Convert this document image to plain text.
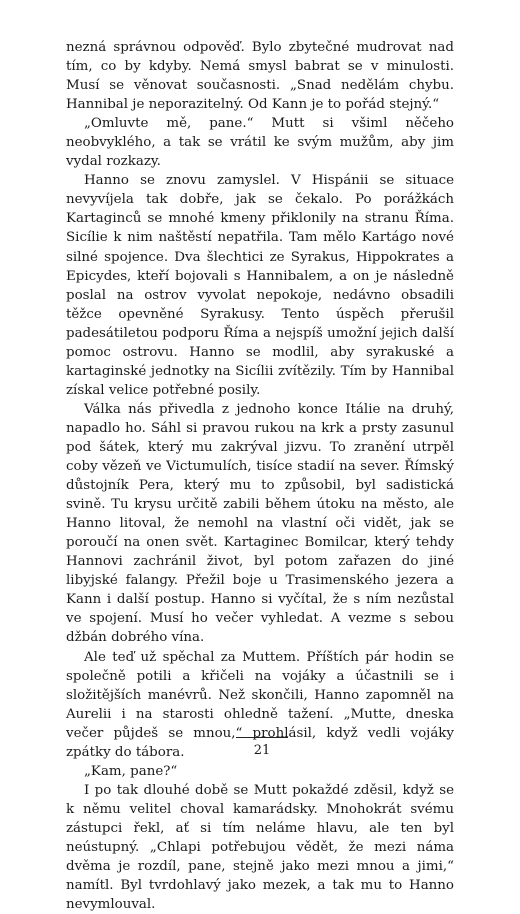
nezná správnou odpověď. Bylo zbytečné mudrovat nad tím, co by kdyby. Nemá smysl babrat se v minulosti. Musí se věnovat současnosti. „Snad nedělám chybu. Hannibal je neporazitelný. Od Kann je to pořád stejný.“

„Omluvte mě, pane.“ Mutt si všiml něčeho neobvyklého, a tak se vrátil ke svým mužům, aby jim vydal rozkazy.

Hanno se znovu zamyslel. V Hispánii se situace nevyvíjela tak dobře, jak se čekalo. Po porážkách Kartaginců se mnohé kmeny přiklonily na stranu Říma. Sicílie k nim naštěstí nepatřila. Tam mělo Kartágo nové silné spojence. Dva šlechtici ze Syrakus, Hippokrates a Epicydes, kteří bojovali s Hannibalem, a on je následně poslal na ostrov vyvolat nepokoje, nedávno obsadili těžce opevněné Syrakusy. Tento úspěch přerušil padesátiletou podporu Říma a nejspíš umožní jejich další pomoc ostrovu. Hanno se modlil, aby syrakuské a kartaginské jednotky na Sicílii zvítězily. Tím by Hannibal získal velice potřebné posily.

Válka nás přivedla z jednoho konce Itálie na druhý, napadlo ho. Sáhl si pravou rukou na krk a prsty zasunul pod šátek, který mu zakrýval jizvu. To zranění utrpěl coby vězeň ve Victumulích, tisíce stadií na sever. Římský důstojník Pera, který mu to způsobil, byl sadistická svině. Tu krysu určitě zabili během útoku na město, ale Hanno litoval, že nemohl na vlastní oči vidět, jak se poroučí na onen svět. Kartaginec Bomilcar, který tehdy Hannovi zachránil život, byl potom zařazen do jiné libyjské falangy. Přežil boje u Trasimenského jezera a Kann i další postup. Hanno si vyčítal, že s ním nezůstal ve spojení. Musí ho večer vyhledat. A vezme s sebou džbán dobrého vína.

Ale teď už spěchal za Muttem. Příštích pár hodin se společně potili a křičeli na vojáky a účastnili se i složitějších manévrů. Než skončili, Hanno zapomněl na Aurelii i na starosti ohledně tažení. „Mutte, dneska večer půjdeš se mnou,“ prohlásil, když vedli vojáky zpátky do tábora.

„Kam, pane?“

I po tak dlouhé době se Mutt pokaždé zděsil, když se k němu velitel choval kamarádsky. Mnohokrát svému zástupci řekl, ať si tím neláme hlavu, ale ten byl neústupný. „Chlapi potřebujou vědět, že mezi náma dvěma je rozdíl, pane, stejně jako mezi mnou a jimi,“ namítl. Byl tvrdohlavý jako mezek, a tak mu to Hanno nevymlouval.

21
